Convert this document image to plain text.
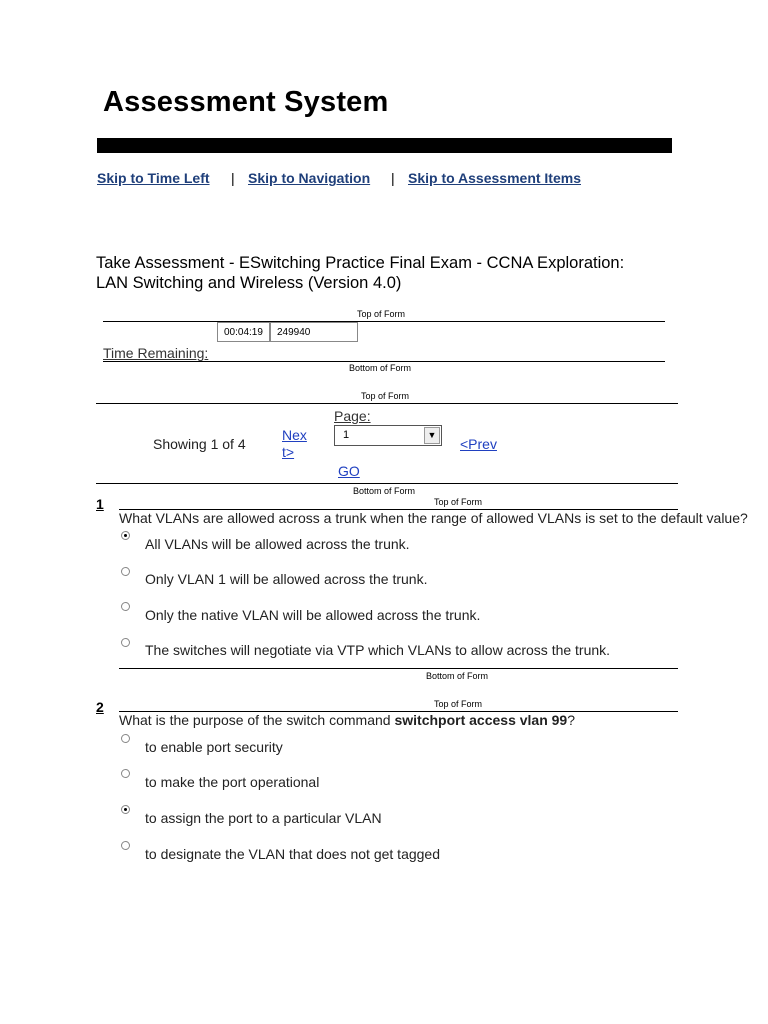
Assessment System
Skip to Time Left | Skip to Navigation | Skip to Assessment Items
Take Assessment - ESwitching Practice Final Exam - CCNA Exploration: LAN Switching and Wireless (Version 4.0)
Top of Form
00:04:19	249940
Time Remaining:
Bottom of Form
Top of Form
Showing 1 of 4
Nex
t>
Page:
1	▼
<Prev
GO
Bottom of Form
1	Top of Form
What VLANs are allowed across a trunk when the range of allowed VLANs is set to the default value?
All VLANs will be allowed across the trunk.
Only VLAN 1 will be allowed across the trunk.
Only the native VLAN will be allowed across the trunk.
The switches will negotiate via VTP which VLANs to allow across the trunk.
Bottom of Form
2	Top of Form
What is the purpose of the switch command switchport access vlan 99?
to enable port security
to make the port operational
to assign the port to a particular VLAN
to designate the VLAN that does not get tagged
